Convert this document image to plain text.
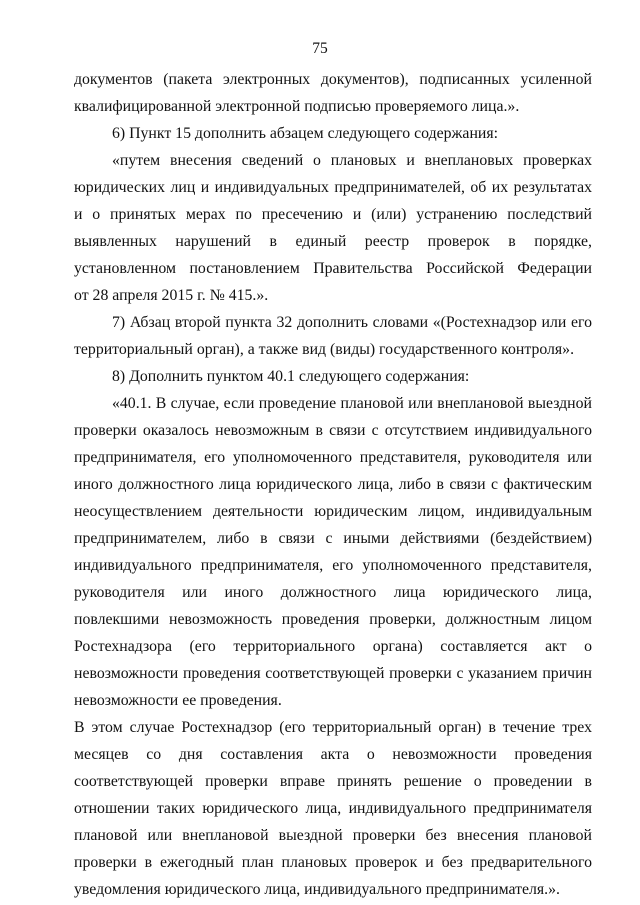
75

документов (пакета электронных документов), подписанных усиленной квалифицированной электронной подписью проверяемого лица.».

6) Пункт 15 дополнить абзацем следующего содержания:

«путем внесения сведений о плановых и внеплановых проверках юридических лиц и индивидуальных предпринимателей, об их результатах и о принятых мерах по пресечению и (или) устранению последствий выявленных нарушений в единый реестр проверок в порядке, установленном постановлением Правительства Российской Федерации

от 28 апреля 2015 г. № 415.».

7) Абзац второй пункта 32 дополнить словами «(Ростехнадзор или его территориальный орган), а также вид (виды) государственного контроля».

8) Дополнить пунктом 40.1 следующего содержания:

«40.1. В случае, если проведение плановой или внеплановой выездной проверки оказалось невозможным в связи с отсутствием индивидуального предпринимателя, его уполномоченного представителя, руководителя или иного должностного лица юридического лица, либо в связи с фактическим неосуществлением деятельности юридическим лицом, индивидуальным предпринимателем, либо в связи с иными действиями (бездействием) индивидуального предпринимателя, его уполномоченного представителя, руководителя или иного должностного лица юридического лица, повлекшими невозможность проведения проверки, должностным лицом Ростехнадзора (его территориального органа) составляется акт о невозможности проведения соответствующей проверки с указанием причин невозможности ее проведения.

В этом случае Ростехнадзор (его территориальный орган) в течение трех месяцев со дня составления акта о невозможности проведения соответствующей проверки вправе принять решение о проведении в отношении таких юридического лица, индивидуального предпринимателя плановой или внеплановой выездной проверки без внесения плановой проверки в ежегодный план плановых проверок и без предварительного уведомления юридического лица, индивидуального предпринимателя.».
